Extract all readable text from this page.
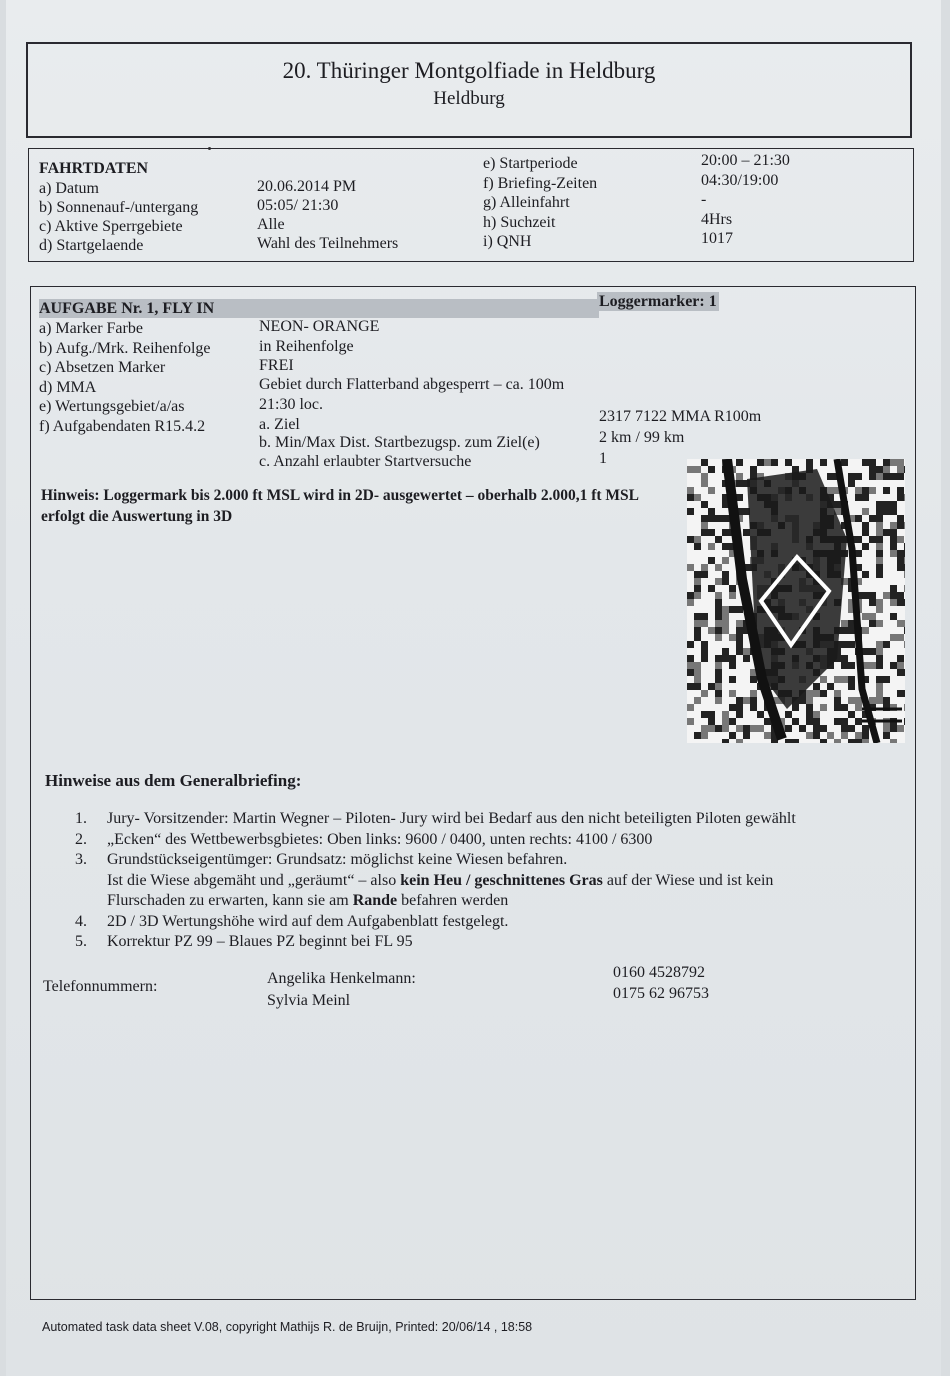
20. Thüringer Montgolfiade in Heldburg
Heldburg
FAHRTDATEN
a) Datum	20.06.2014 PM
b) Sonnenauf-/untergang	05:05/ 21:30
c) Aktive Sperrgebiete	Alle
d) Startgelaende	Wahl des Teilnehmers
e) Startperiode	20:00 – 21:30
f) Briefing-Zeiten	04:30/19:00
g) Alleinfahrt	-
h) Suchzeit	4Hrs
i) QNH	1017
AUFGABE Nr. 1, FLY IN	Loggermarker: 1
a) Marker Farbe	NEON- ORANGE
b) Aufg./Mrk. Reihenfolge	in Reihenfolge
c) Absetzen Marker	FREI
d) MMA	Gebiet durch Flatterband abgesperrt – ca. 100m
e) Wertungsgebiet/a/as	21:30 loc.
f) Aufgabendaten R15.4.2	a. Ziel	2317 7122 MMA R100m
b. Min/Max Dist. Startbezugsp. zum Ziel(e)	2 km / 99 km
c. Anzahl erlaubter Startversuche	1
Hinweis: Loggermark bis 2.000 ft MSL wird in 2D- ausgewertet – oberhalb 2.000,1 ft MSL erfolgt die Auswertung in 3D
Hinweise aus dem Generalbriefing:
1. Jury- Vorsitzender: Martin Wegner – Piloten- Jury wird bei Bedarf aus den nicht beteiligten Piloten gewählt
2. „Ecken“ des Wettbewerbsgbietes: Oben links: 9600 / 0400, unten rechts: 4100 / 6300
3. Grundstückseigentümger: Grundsatz: möglichst keine Wiesen befahren.
Ist die Wiese abgemäht und „geräumt“ – also kein Heu / geschnittenes Gras auf der Wiese und ist kein
Flurschaden zu erwarten, kann sie am Rande befahren werden
4. 2D / 3D Wertungshöhe wird auf dem Aufgabenblatt festgelegt.
5. Korrektur PZ 99 – Blaues PZ beginnt bei FL 95
Telefonnummern:	Angelika Henkelmann:	0160 4528792
Sylvia Meinl	0175 62 96753
Automated task data sheet V.08, copyright Mathijs R. de Bruijn, Printed: 20/06/14 , 18:58
